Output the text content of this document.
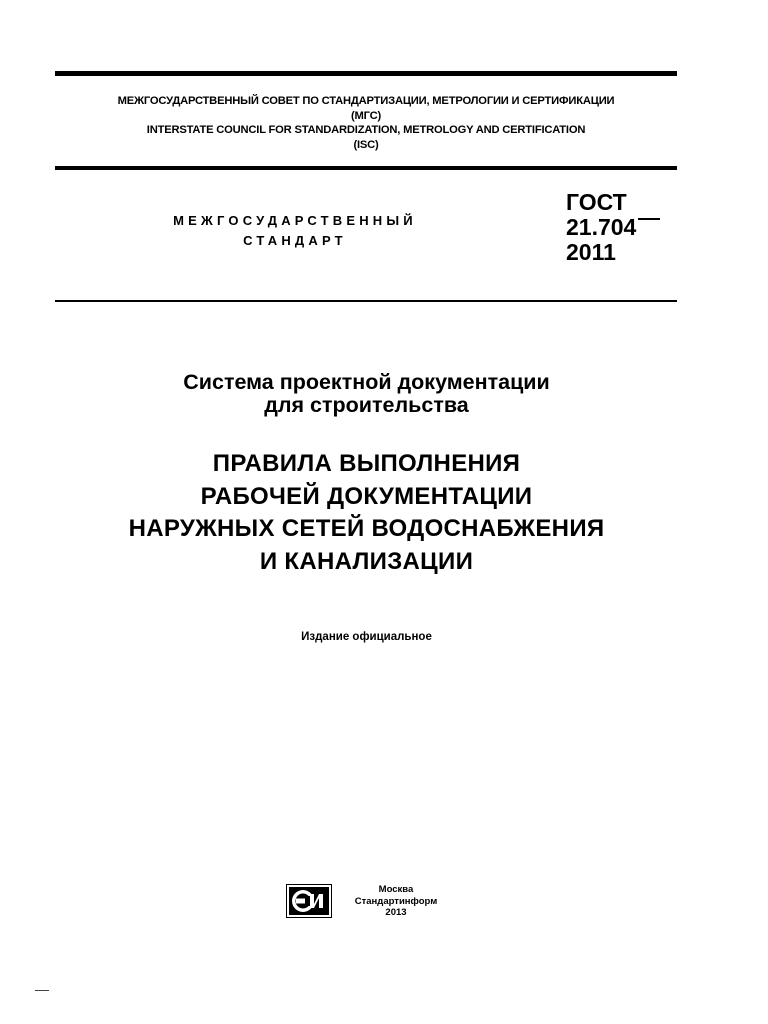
МЕЖГОСУДАРСТВЕННЫЙ СОВЕТ ПО СТАНДАРТИЗАЦИИ, МЕТРОЛОГИИ И СЕРТИФИКАЦИИ
(МГС)
INTERSTATE COUNCIL FOR STANDARDIZATION, METROLOGY AND CERTIFICATION
(ISC)
МЕЖГОСУДАРСТВЕННЫЙ
СТАНДАРТ
ГОСТ
21.704
2011
Система проектной документации
для строительства
ПРАВИЛА ВЫПОЛНЕНИЯ
РАБОЧЕЙ ДОКУМЕНТАЦИИ
НАРУЖНЫХ СЕТЕЙ ВОДОСНАБЖЕНИЯ
И КАНАЛИЗАЦИИ
Издание официальное
Москва
Стандартинформ
2013
